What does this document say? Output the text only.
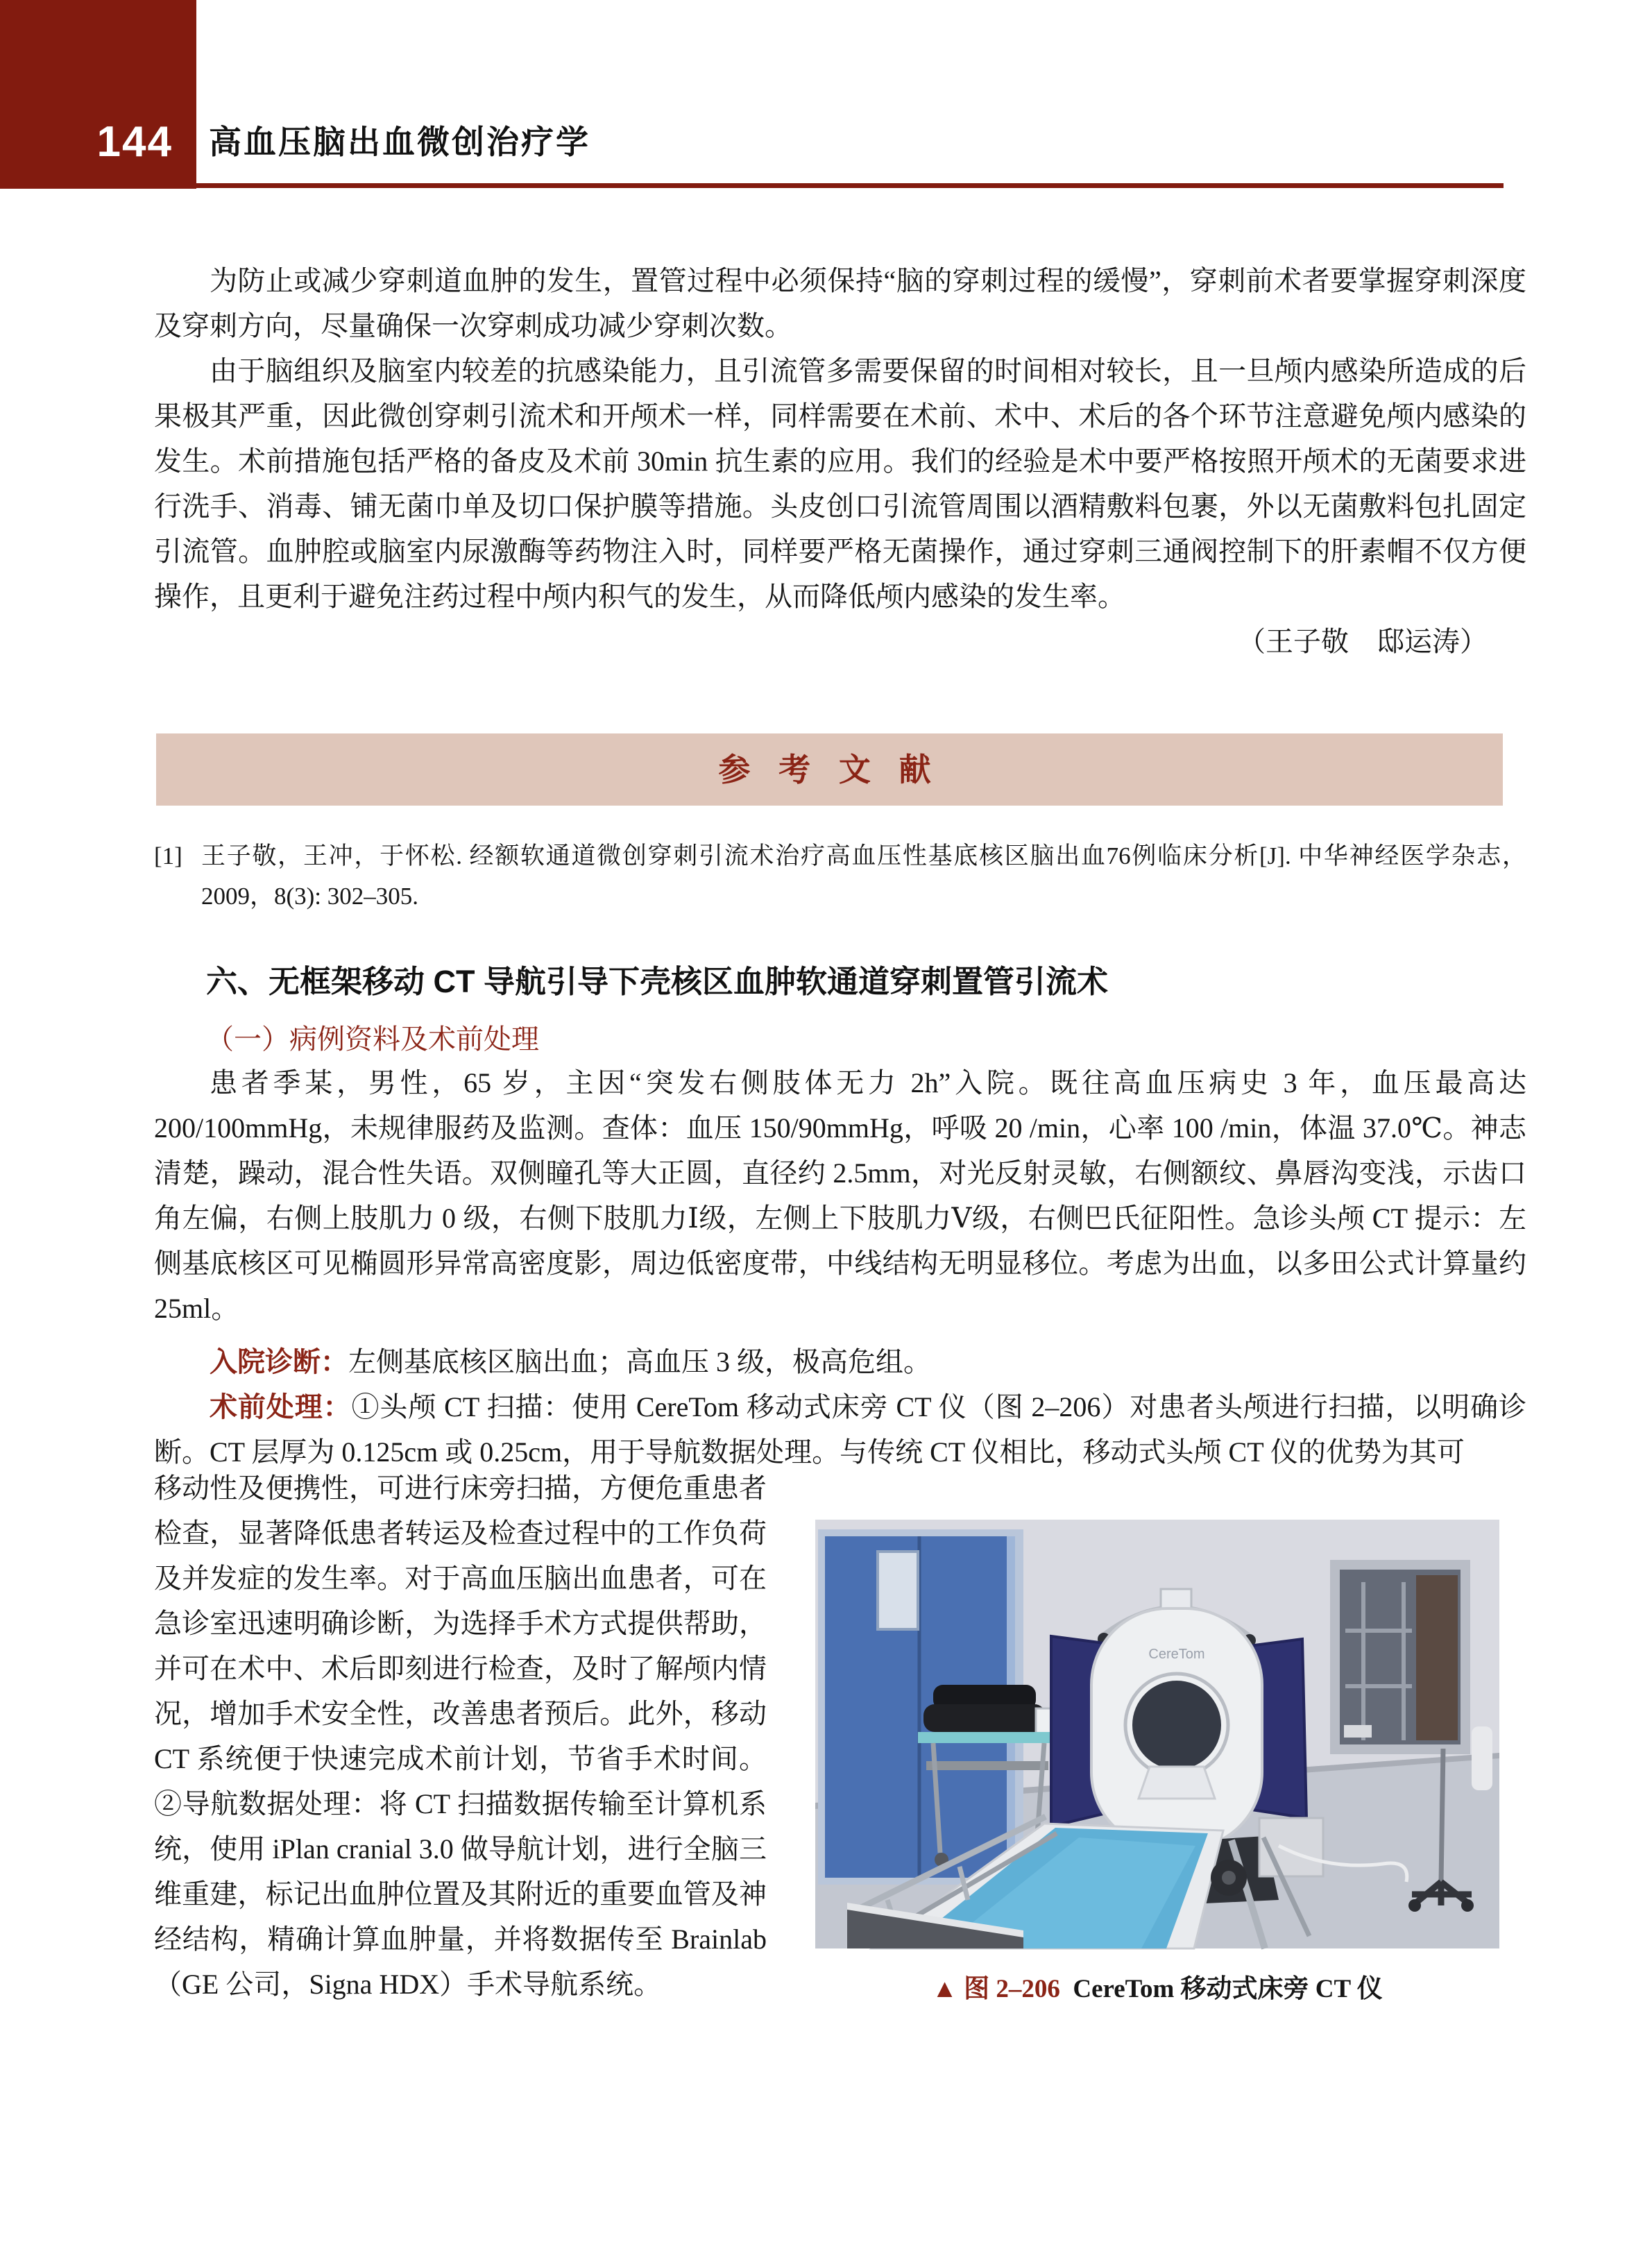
144 高血压脑出血微创治疗学
为防止或减少穿刺道血肿的发生，置管过程中必须保持“脑的穿刺过程的缓慢”，穿刺前术者要掌握穿刺深度及穿刺方向，尽量确保一次穿刺成功减少穿刺次数。
由于脑组织及脑室内较差的抗感染能力，且引流管多需要保留的时间相对较长，且一旦颅内感染所造成的后果极其严重，因此微创穿刺引流术和开颅术一样，同样需要在术前、术中、术后的各个环节注意避免颅内感染的发生。术前措施包括严格的备皮及术前 30min 抗生素的应用。我们的经验是术中要严格按照开颅术的无菌要求进行洗手、消毒、铺无菌巾单及切口保护膜等措施。头皮创口引流管周围以酒精敷料包裹，外以无菌敷料包扎固定引流管。血肿腔或脑室内尿激酶等药物注入时，同样要严格无菌操作，通过穿刺三通阀控制下的肝素帽不仅方便操作，且更利于避免注药过程中颅内积气的发生，从而降低颅内感染的发生率。
（王子敬　邸运涛）
参 考 文 献
[1] 王子敬，王冲，于怀松. 经额软通道微创穿刺引流术治疗高血压性基底核区脑出血76例临床分析[J]. 中华神经医学杂志，2009，8(3): 302–305.
六、无框架移动 CT 导航引导下壳核区血肿软通道穿刺置管引流术
（一）病例资料及术前处理
患者季某，男性，65 岁，主因“突发右侧肢体无力 2h”入院。既往高血压病史 3 年，血压最高达 200/100mmHg，未规律服药及监测。查体：血压 150/90mmHg，呼吸 20 /min，心率 100 /min，体温 37.0℃。神志清楚，躁动，混合性失语。双侧瞳孔等大正圆，直径约 2.5mm，对光反射灵敏，右侧额纹、鼻唇沟变浅，示齿口角左偏，右侧上肢肌力 0 级，右侧下肢肌力Ⅰ级，左侧上下肢肌力Ⅴ级，右侧巴氏征阳性。急诊头颅 CT 提示：左侧基底核区可见椭圆形异常高密度影，周边低密度带，中线结构无明显移位。考虑为出血，以多田公式计算量约 25ml。
入院诊断：左侧基底核区脑出血；高血压 3 级，极高危组。
术前处理：①头颅 CT 扫描：使用 CereTom 移动式床旁 CT 仪（图 2–206）对患者头颅进行扫描，以明确诊断。CT 层厚为 0.125cm 或 0.25cm，用于导航数据处理。与传统 CT 仪相比，移动式头颅 CT 仪的优势为其可
移动性及便携性，可进行床旁扫描，方便危重患者检查，显著降低患者转运及检查过程中的工作负荷及并发症的发生率。对于高血压脑出血患者，可在急诊室迅速明确诊断，为选择手术方式提供帮助，并可在术中、术后即刻进行检查，及时了解颅内情况，增加手术安全性，改善患者预后。此外，移动 CT 系统便于快速完成术前计划，节省手术时间。②导航数据处理：将 CT 扫描数据传输至计算机系统，使用 iPlan cranial 3.0 做导航计划，进行全脑三维重建，标记出血肿位置及其附近的重要血管及神经结构，精确计算血肿量，并将数据传至 Brainlab（GE 公司，Signa HDX）手术导航系统。
CereTom
▲ 图 2–206 CereTom 移动式床旁 CT 仪
